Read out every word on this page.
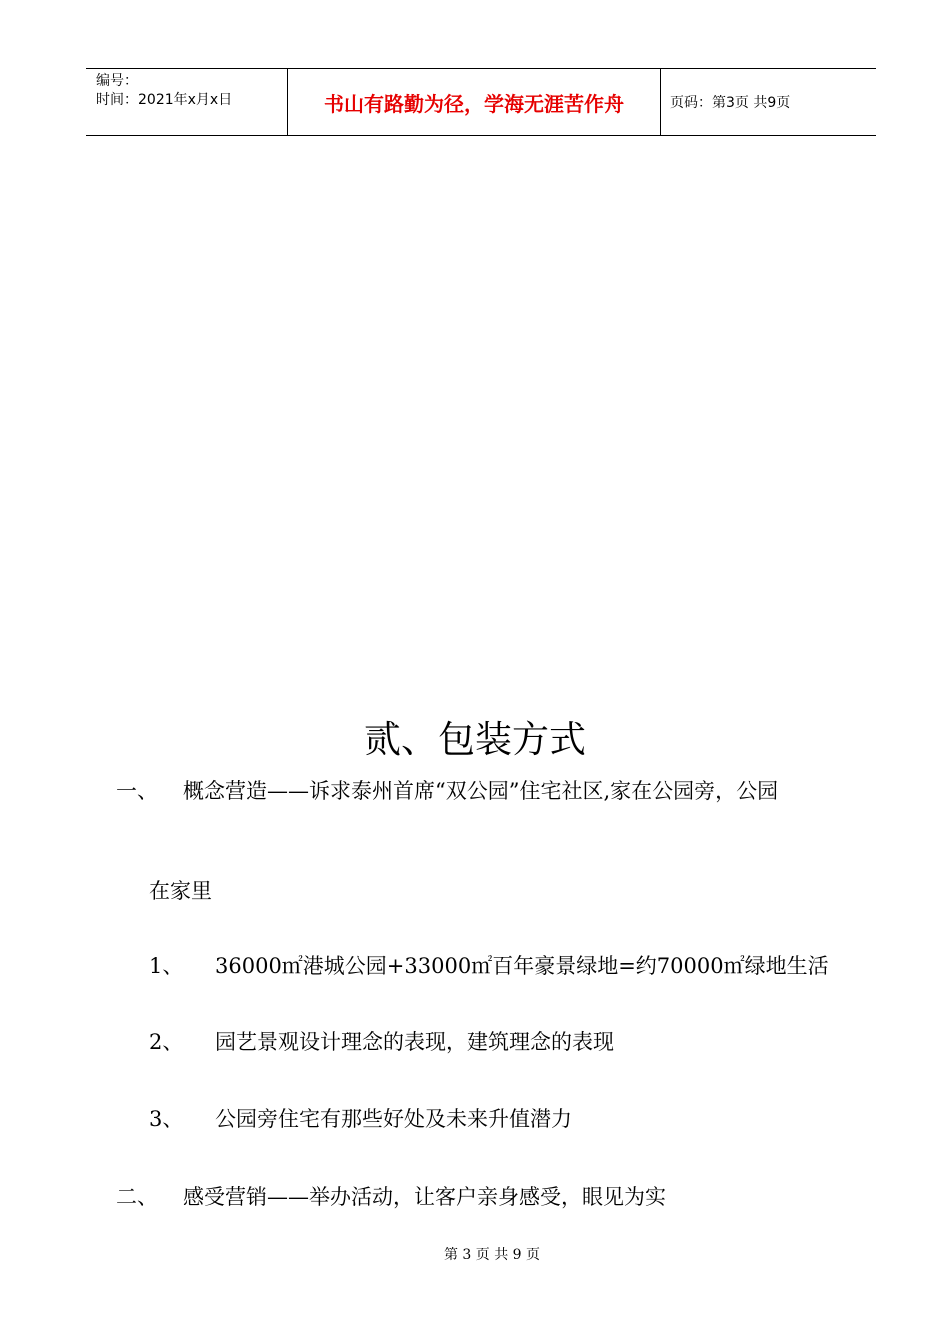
编号：
时间：2021年x月x日	书山有路勤为径，学海无涯苦作舟	页码：第3页 共9页
贰、包装方式
一、 概念营造——诉求泰州首席“双公园”住宅社区,家在公园旁，公园
在家里
1、 36000㎡港城公园+33000㎡百年豪景绿地=约70000㎡绿地生活
2、 园艺景观设计理念的表现，建筑理念的表现
3、 公园旁住宅有那些好处及未来升值潜力
二、 感受营销——举办活动，让客户亲身感受，眼见为实
第 3 页 共 9 页
